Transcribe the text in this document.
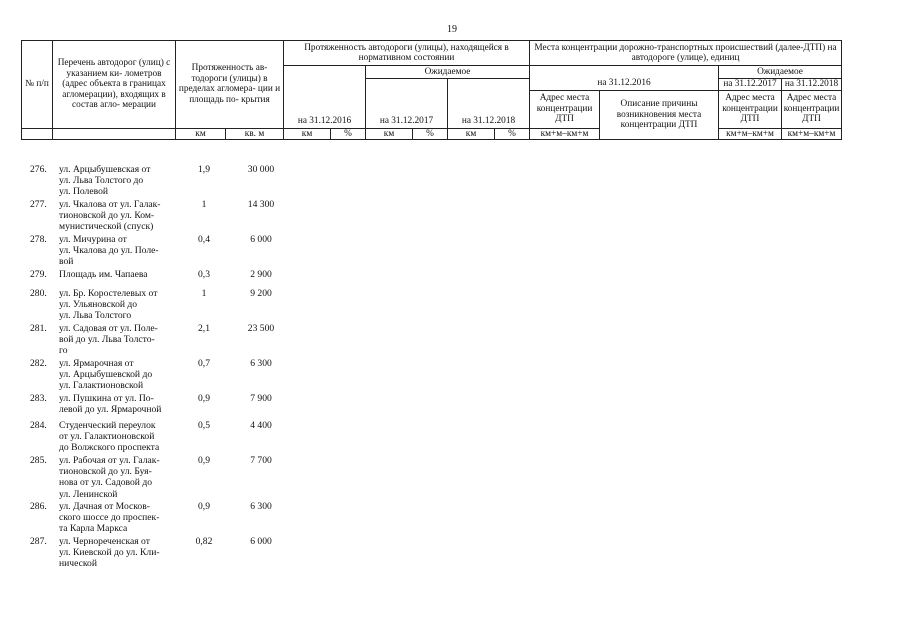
19
№ п/п	Перечень автодорог (улиц) с указанием ки- лометров (адрес объекта в границах агломерации), входящих в состав агло- мерации	Протяженность ав- тодороги (улицы) в пределах агломера- ции и площадь по- крытия		Протяженность автодороги (улицы), находящейся в нормативном состоянии						Места концентрации дорожно-транспортных происшествий (далее-ДТП) на автодороге (улице), единиц			
				на 31.12.2016		Ожидаемое				на 31.12.2016		Ожидаемое	
						на 31.12.2017		на 31.12.2018				на 31.12.2017	на 31.12.2018
										Адрес места концентрации ДТП	Описание причины возникновения места концентрации ДТП	Адрес места концентрации ДТП	Адрес места концентрации ДТП
		км	кв. м	км	%	км	%	км	%	км+м–км+м		км+м–км+м	км+м–км+м
276. ул. Арцыбушевская от
ул. Льва Толстого до
ул. Полевой
1,9	30 000
277. ул. Чкалова от ул. Галак-
тионовской до ул. Ком-
мунистической (спуск)
1	14 300
278. ул. Мичурина от
ул. Чкалова до ул. Поле-
вой
0,4	6 000
279. Площадь им. Чапаева	0,3	2 900
280. ул. Бр. Коростелевых от
ул. Ульяновской до
ул. Льва Толстого
1	9 200
281. ул. Садовая от ул. Поле-
вой до ул. Льва Толсто-
го
2,1	23 500
282. ул. Ярмарочная от
ул. Арцыбушевской до
ул. Галактионовской
0,7	6 300
283. ул. Пушкина от ул. По-
левой до ул. Ярмарочной
0,9	7 900
284. Студенческий переулок
от ул. Галактионовской
до Волжского проспекта
0,5	4 400
285. ул. Рабочая от ул. Галак-
тионовской до ул. Буя-
нова от ул. Садовой до
ул. Ленинской
0,9	7 700
286. ул. Дачная от Москов-
ского шоссе до проспек-
та Карла Маркса
0,9	6 300
287. ул. Чернореченская от
ул. Киевской до ул. Кли-
нической
0,82	6 000
